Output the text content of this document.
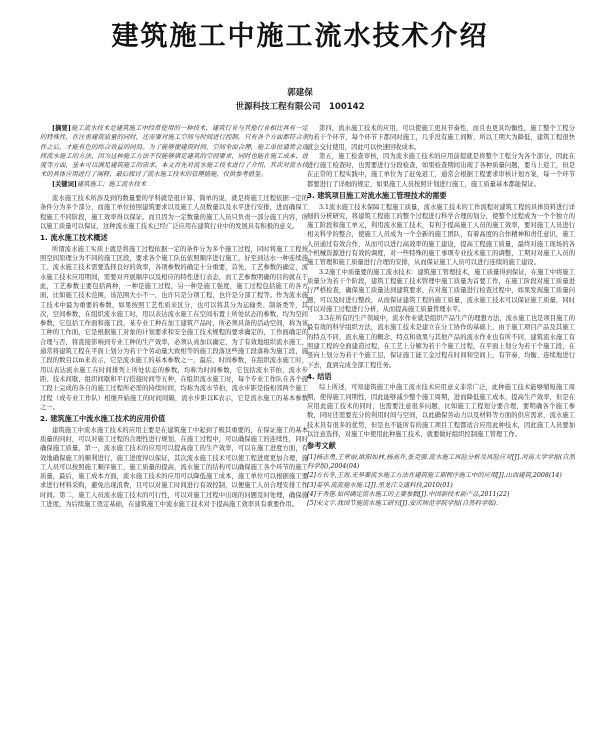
建筑施工中施工流水技术介绍
郭建保
世源科技工程有限公司　100142

[摘要]施工流水技术是建筑施工中经常使用的一种技术，建筑行业与其他行业相比具有一定的特殊性，在注重建筑质量的同时，还需要对施工空间与时间进行控制，只有各个方面都符合条件之后，才能有色的综合效益的同局。为了能够便建筑时间，空间全面合理，施工单位通常会选择流水施工的方法，因为这种施工方法不仅能够满足建筑的空间要求，同时也能在施工成本、进度等方面，基本可以满足建筑施工的需求。本文首先对流水施工技术进行了介绍，其次对流水技术的具体应用进行了阐释，最后探讨了流水施工技术的管理措施，仅供参考借鉴。

[关键词]建筑施工；施工流水技术

流水施工技术所涉及到的数量要的学科就是很计算、简单的说，就是将施工过程依据一定的条件分为多个部分，而施工单位按照建筑要求以及施工人员数量以及水平进行安排，进而确保工程施工不同阶段，施工效率得以保证。而且因为一定数量的施工人员只负责一部分施工内容，所以施工质量可以保证，这种流水施工技术已经广泛应用在建筑行业中的发展具有积极的意义。

1. 流水施工技术概述

所谓流水施工实质上就是将施工过程依据一定的条件分为多个施工过程，同时将施工工程按照空间原理分为不同的施工区段，要求各个施工队伍依照顺序进行施工，好至到达水一种连续施工、流水施工技术需要选择良好的效率，各项参数的确定十分重要，首先，工艺参数的确定，流水施工技术应用期间，需要对开展顺序以及相应的特性进行表态，而工艺参数明确的目的就在于此，工艺参数主要包括两种，一种是施工过程，另一种是施工强度，施工过程包括施工的各方面，比如施工技术范围，该范围大小不一，也许只是分项工程，也许是分部工程等。作为流水施工技术中最为重要的参数，如果按照工艺性质来区分，也可以将其分为运输类、制备类等，其次，空间参数，在组织流水施工时，用以表达流水施工在空间布置上所处状态的参数，均为空间参数，它包括工作面和施工段，某专业工种在加工建筑产品时，所必须具备的活动空间，称为该工种的工作面，它是根据施工对象的计划要求和安全施工技术规程的要求确定的，工作面确定的合理与否，将直接影响到专业工种的生产效率，必须认真加以确定，为了有效地组织流水施工，通常将建筑工程在平面上划分为若干个劳动量大致相等的施工段落这些施工段落称为施工段，施工段的数目以m来表示，它是流水施工的基本参数之一，最后，时间参数，在组织流水施工时，用以表达流水施工在时间排列上所处状态的参数，均称为时间参数，它包括流水节拍、流水步距、技术间歇、组织间歇和平行搭接时间等五种，在组织流水施工时，每个专业工作队在各个施工段上完成的各自的施工过程所必需的持续时间，均称为流水节拍，流水步距是指相邻两个施工过程（或专业工作队）相继开始施工的时间间隔，流水步距以K表示，它是流水施工的基本参数之一。

2. 建筑施工中流水施工技术的应用价值

建筑施工中流水施工技术的应用主要是在建筑施工中起到了极其重要的，在保证施工的基本质量的同时，可以对施工过程的合理性进行规划，在施工过程中，可以确保施工的连续性，同时确保施工质量，第一，流水施工技术的应用可以提高施工的生产效率，可以在施工进度方面，有效地确保施工的顺利进行，施工进度得以保证，其次流水施工技术可以使工程进度更加合理，施工人员可以按照施工顺序施工，施工质量的提高，流水施工的结构可以确保施工各个环节的施工质量，最后，施工成本方面，流水施工技术的应用可以降低施工成本，施工单位可以根据施工要求进行材料采购，避免出现浪费，且可以对施工时间进行有效控制，以便施工人员合理安排工作时间。第二，施工人员流水施工技术的可行性，可以对施工过程中出现的问题及时处理，确保施工进度，为后续施工奠定基础，在建筑施工中流水施工技术对于提高施工效率具有重要作用。

第四，流水施工技术的应用，可以使施工更具节奏性，而且也更具均衡性，施工整个工程分为若干个环节，每个环节下都同时施工，几乎没有施工间断，所以工期大为降低，建筑工程很快就会交付使用，因此可以快速回收成本。

第五，施工检查审核，因为流水施工技术的应用前提就是将整个工程分为各个部分，因此在进行施工检查时，也需要进行分段检查，如果检查期间出现了各种质量问题，要马上返工，但是在正常的工程实践中，施工单位为了赶免返工，通常会根据工程要求审核计划方案，每一个环节都要进行了详细的规定，如果施工人员按照计划进行施工，施工质量基本都能保证。

3. 建筑项目施工对流水施工管理技术的需要

3.1流水施工技术保障工程施工质量，流水施工技术的工作流程对建筑工程的具体资料进行详细的分析研究，将建筑工程施工的整个过程进行科学合理的划分，使整个过程成为一个个独立的施工阶段和施工单元，利用流水施工技术，有利于提高施工人员的施工效率，要对施工人员进行相关科学的整合，使施工人员成为一个全新的施工团队，有着高度的合作精神和责任意识，施工人员通过有效合作，从而可以进行高效率的施工建设，提高工程施工质量，最终对施工现场的各个机械资源进行有效的调度，对一些特殊的施工事项专业技术施工的调整，工期对对施工人员的施工管理和施工质量进行合理的安排，从而保证施工人员可以进行连续的施工建设。

3.2施工中质量要的施工流水技术：建筑施工管理技术，施工质量得到保证，在施工中将施工质量分为若干个阶段，建筑工程施工技术管理中施工质量为首要工作，在施工阶段对施工质量进行严格检查，确保施工质量达到建筑要求，在对施工质量进行检查过程中，如果发现施工质量问题，可以及时进行整改，从而保证建筑工程的施工质量，流水施工技术可以保证施工质量，同时可以对施工过程进行分析，从而提高施工质量管理水平。

3.3在所有的生产领域中，流水作业就是组织产品生产的理想方法，流水施工也是项目施工的最有效的科学组织方法，流水施工技术是建立在分工协作的基础上，由于施工项目产品及其施工的特点不同，流水施工的概念、特点和效果与其他产品的流水作业也有所不同，建筑流水施工有照建工程的全面建造过程，在工艺上分解为若干个施工过程，在平面上划分为若干个施工段，在竖向上划分为若干个施工层，保证施工能工金过程在时间和空间上，有节奏、均衡、连续地进行下去，直到完成全部工程任务。

4. 结语

综上所述，可知建筑施工中施工流水技术应用意义非常广泛，此种施工技术能够缩短施工周期，使得施工同期性，因此能够减少整个施工周期，进而降低施工成本，提高生产效率，但是在应用此施工技术的同时，也需要注意很多问题，比如施工工程划分要合理，要明确各个施工参数，同时还需要充分的利用时间与空间，以此确保劳动力以及材料等方面的供应需求，流水施工技术具有很多的优势，但是也不能所有的施工项目工程都适合应用此种技术，因此施工人员要加以注意选择，对施工中使用此种施工技术，就要做好组织控制施工管理工作。

参考文献

[1]杨志勇,王章丽,欧阳如林,杨高乔,张克强.流水施工风险分析及风险应对[J].河南大学学报(自然科学版),2004(04)

[2]方长冬,王海.无界要流水施工方法在建筑施工期程序施工中的应用[J].山西建筑,2008(14)

[3]姜华.流流施水施工[J].黑龙江交通科技,2010(01)

[4]于秀莲.如何确定流水施工的主要参数[J].中国新技术新产品,2011(22)

[5]宋文宇.我国节施流水施工研究[J].安庆师范学院学报(自然科学版).
